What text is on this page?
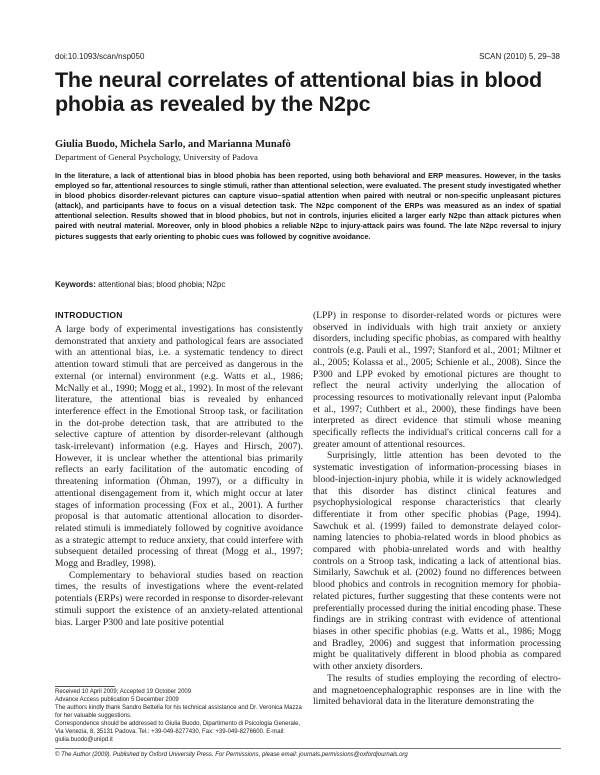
doi:10.1093/scan/nsp050	SCAN (2010) 5, 29–38
The neural correlates of attentional bias in blood phobia as revealed by the N2pc
Giulia Buodo, Michela Sarlo, and Marianna Munafò
Department of General Psychology, University of Padova
In the literature, a lack of attentional bias in blood phobia has been reported, using both behavioral and ERP measures. However, in the tasks employed so far, attentional resources to single stimuli, rather than attentional selection, were evaluated. The present study investigated whether in blood phobics disorder-relevant pictures can capture visuo–spatial attention when paired with neutral or non-specific unpleasant pictures (attack), and participants have to focus on a visual detection task. The N2pc component of the ERPs was measured as an index of spatial attentional selection. Results showed that in blood phobics, but not in controls, injuries elicited a larger early N2pc than attack pictures when paired with neutral material. Moreover, only in blood phobics a reliable N2pc to injury-attack pairs was found. The late N2pc reversal to injury pictures suggests that early orienting to phobic cues was followed by cognitive avoidance.
Keywords: attentional bias; blood phobia; N2pc
INTRODUCTION

A large body of experimental investigations has consistently demonstrated that anxiety and pathological fears are associated with an attentional bias, i.e. a systematic tendency to direct attention toward stimuli that are perceived as dangerous in the external (or internal) environment (e.g. Watts et al., 1986; McNally et al., 1990; Mogg et al., 1992). In most of the relevant literature, the attentional bias is revealed by enhanced interference effect in the Emotional Stroop task, or facilitation in the dot-probe detection task, that are attributed to the selective capture of attention by disorder-relevant (although task-irrelevant) information (e.g. Hayes and Hirsch, 2007). However, it is unclear whether the attentional bias primarily reflects an early facilitation of the automatic encoding of threatening information (Öhman, 1997), or a difficulty in attentional disengagement from it, which might occur at later stages of information processing (Fox et al., 2001). A further proposal is that automatic attentional allocation to disorder-related stimuli is immediately followed by cognitive avoidance as a strategic attempt to reduce anxiety, that could interfere with subsequent detailed processing of threat (Mogg et al., 1997; Mogg and Bradley, 1998).

Complementary to behavioral studies based on reaction times, the results of investigations where the event-related potentials (ERPs) were recorded in response to disorder-relevant stimuli support the existence of an anxiety-related attentional bias. Larger P300 and late positive potential

(LPP) in response to disorder-related words or pictures were observed in individuals with high trait anxiety or anxiety disorders, including specific phobias, as compared with healthy controls (e.g. Pauli et al., 1997; Stanford et al., 2001; Miltner et al., 2005; Kolassa et al., 2005; Schienle et al., 2008). Since the P300 and LPP evoked by emotional pictures are thought to reflect the neural activity underlying the allocation of processing resources to motivationally relevant input (Palomba et al., 1997; Cuthbert et al., 2000), these findings have been interpreted as direct evidence that stimuli whose meaning specifically reflects the individual's critical concerns call for a greater amount of attentional resources.

Surprisingly, little attention has been devoted to the systematic investigation of information-processing biases in blood-injection-injury phobia, while it is widely acknowledged that this disorder has distinct clinical features and psychophysiological response characteristics that clearly differentiate it from other specific phobias (Page, 1994). Sawchuk et al. (1999) failed to demonstrate delayed color-naming latencies to phobia-related words in blood phobics as compared with phobia-unrelated words and with healthy controls on a Stroop task, indicating a lack of attentional bias. Similarly, Sawchuk et al. (2002) found no differences between blood phobics and controls in recognition memory for phobia-related pictures, further suggesting that these contents were not preferentially processed during the initial encoding phase. These findings are in striking contrast with evidence of attentional biases in other specific phobias (e.g. Watts et al., 1986; Mogg and Bradley, 2006) and suggest that information processing might be qualitatively different in blood phobia as compared with other anxiety disorders.

The results of studies employing the recording of electro- and magnetoencephalographic responses are in line with the limited behavioral data in the literature demonstrating the

Received 10 April 2009; Accepted 19 October 2009

Advance Access publication 5 December 2009

The authors kindly thank Sandro Bettella for his technical assistance and Dr. Veronica Mazza for her valuable suggestions.

Correspondence should be addressed to Giulia Buodo, Dipartimento di Psicologia Generale, Via Venezia, 8, 35131 Padova. Tel.: +39-049-8277430, Fax: +39-049-8276600. E-mail: giulia.buodo@unipd.it

© The Author (2009). Published by Oxford University Press. For Permissions, please email: journals.permissions@oxfordjournals.org
